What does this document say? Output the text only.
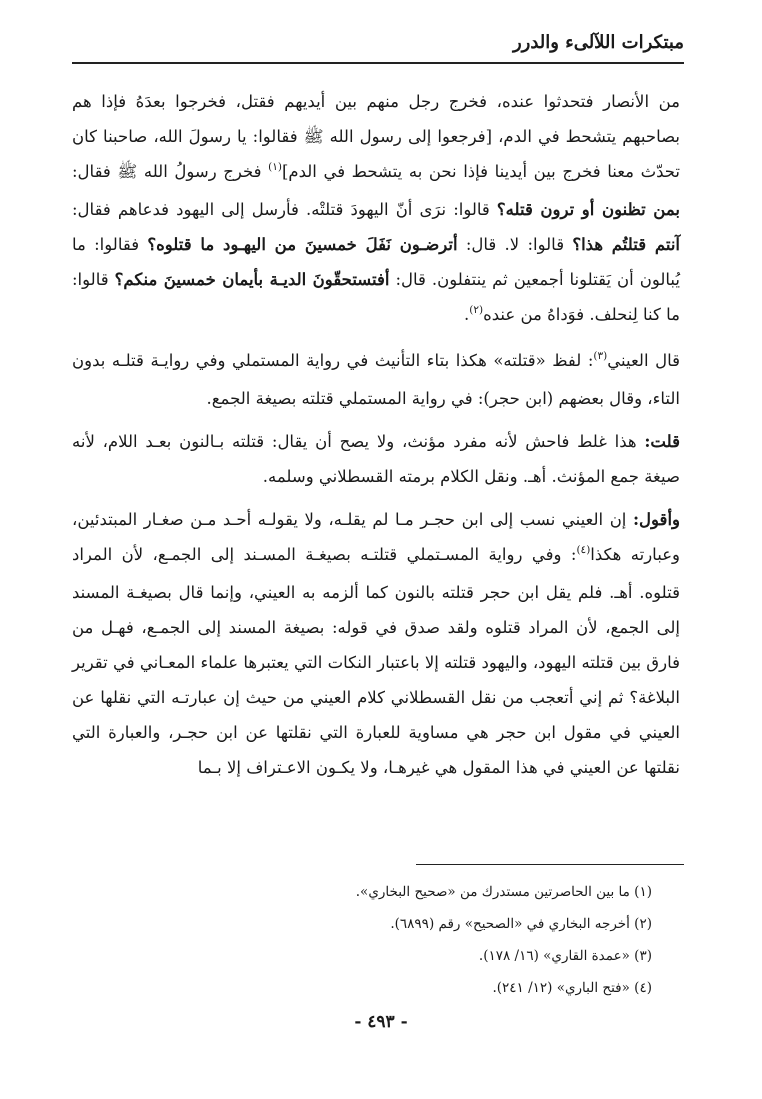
مبتكرات اللآلىء والدرر

من الأنصار فتحدثوا عنده، فخرج رجل منهم بين أيديهم فقتل، فخرجوا بعدَهُ فإذا هم بصاحبهم يتشحط في الدم، [فرجعوا إلى رسول الله ﷺ فقالوا: يا رسولَ الله، صاحبنا كان تحدّث معنا فخرج بين أيدينا فإذا نحن به يتشحط في الدم]$^{(١)}$ فخرج رسولُ الله ﷺ فقال: بمن تظنون أو ترون قتله؟ قالوا: نرَى أنّ اليهودَ قتلتْه. فأرسل إلى اليهود فدعاهم فقال: آنتم قتلتُم هذا؟ قالوا: لا. قال: أترضـون نَفَلَ خمسينَ من اليهـود ما قتلوه؟ فقالوا: ما يُبالون أن يَقتلونا أجمعين ثم ينتفلون. قال: أفتستحقّونَ الديـة بأيمان خمسينَ منكم؟ قالوا: ما كنا لِنحلف. فوَداهُ من عنده$^{(٢)}$.

قال العيني$^{(٣)}$: لفظ «قتلته» هكذا بتاء التأنيث في رواية المستملي وفي روايـة قتلـه بدون التاء، وقال بعضهم (ابن حجر): في رواية المستملي قتلته بصيغة الجمع.

قلت: هذا غلط فاحش لأنه مفرد مؤنث، ولا يصح أن يقال: قتلته بـالنون بعـد اللام، لأنه صيغة جمع المؤنث. أهـ. ونقل الكلام برمته القسطلاني وسلمه.

وأقول: إن العيني نسب إلى ابن حجـر مـا لم يقلـه، ولا يقولـه أحـد مـن صغـار المبتدئين، وعبارته هكذا$^{(٤)}$: وفي رواية المسـتملي قتلتـه بصيغـة المسـند إلى الجمـع، لأن المراد قتلوه. أهـ. فلم يقل ابن حجر قتلته بالنون كما ألزمه به العيني، وإنما قال بصيغـة المسند إلى الجمع، لأن المراد قتلوه ولقد صدق في قوله: بصيغة المسند إلى الجمـع، فهـل من فارق بين قتلته اليهود، واليهود قتلته إلا باعتبار النكات التي يعتبرها علماء المعـاني في تقرير البلاغة؟ ثم إني أتعجب من نقل القسطلاني كلام العيني من حيث إن عبارتـه التي نقلها عن العيني في مقول ابن حجر هي مساوية للعبارة التي نقلتها عن ابن حجـر، والعبارة التي نقلتها عن العيني في هذا المقول هي غيرهـا، ولا يكـون الاعـتراف إلا بـما

(١) ما بين الحاصرتين مستدرك من «صحيح البخاري».

(٢) أخرجه البخاري في «الصحيح» رقم (٦٨٩٩).

(٣) «عمدة القاري» (١٦/ ١٧٨).

(٤) «فتح الباري» (١٢/ ٢٤١).

- ٤٩٣ -
